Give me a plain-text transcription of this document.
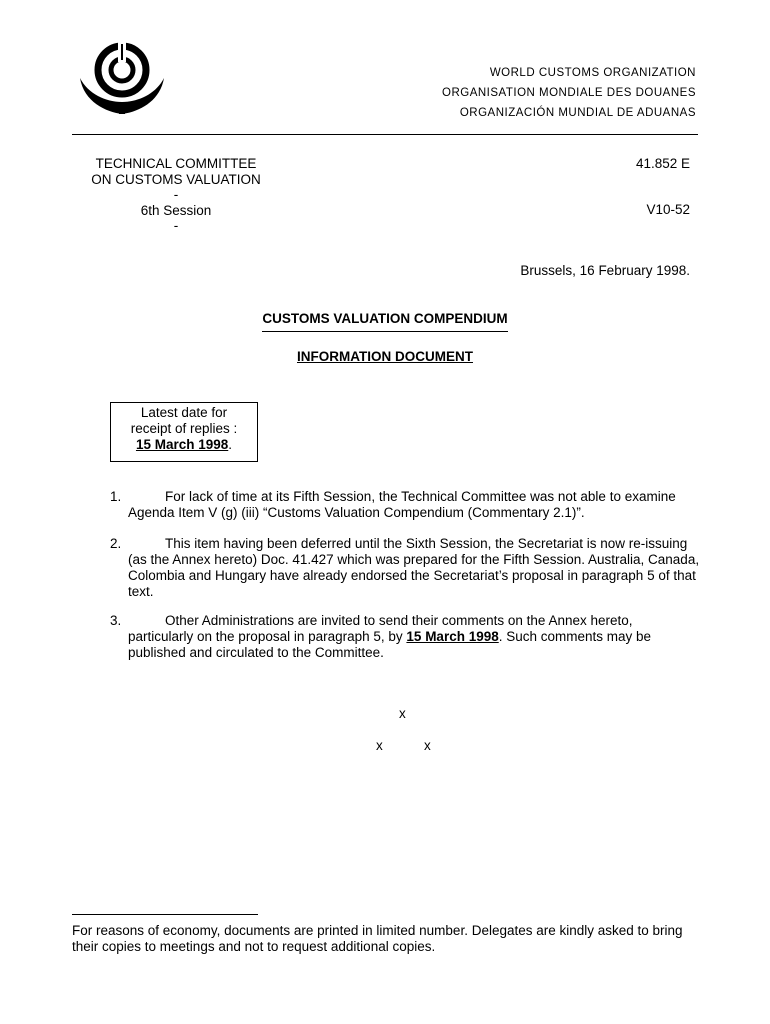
WORLD CUSTOMS ORGANIZATION
ORGANISATION MONDIALE DES DOUANES
ORGANIZACIÓN MUNDIAL DE ADUANAS
TECHNICAL COMMITTEE
ON CUSTOMS VALUATION
-
6th Session
-
41.852 E
V10-52
Brussels, 16 February 1998.
CUSTOMS VALUATION COMPENDIUM
INFORMATION DOCUMENT
Latest date for
receipt of replies :
15 March 1998.
1.	For lack of time at its Fifth Session, the Technical Committee was not able to examine Agenda Item V (g) (iii) “Customs Valuation Compendium (Commentary 2.1)”.
2.	This item having been deferred until the Sixth Session, the Secretariat is now re-issuing (as the Annex hereto) Doc. 41.427 which was prepared for the Fifth Session. Australia, Canada, Colombia and Hungary have already endorsed the Secretariat’s proposal in paragraph 5 of that text.
3.	Other Administrations are invited to send their comments on the Annex hereto, particularly on the proposal in paragraph 5, by 15 March 1998. Such comments may be published and circulated to the Committee.
x
x	x
For reasons of economy, documents are printed in limited number. Delegates are kindly asked to bring their copies to meetings and not to request additional copies.
